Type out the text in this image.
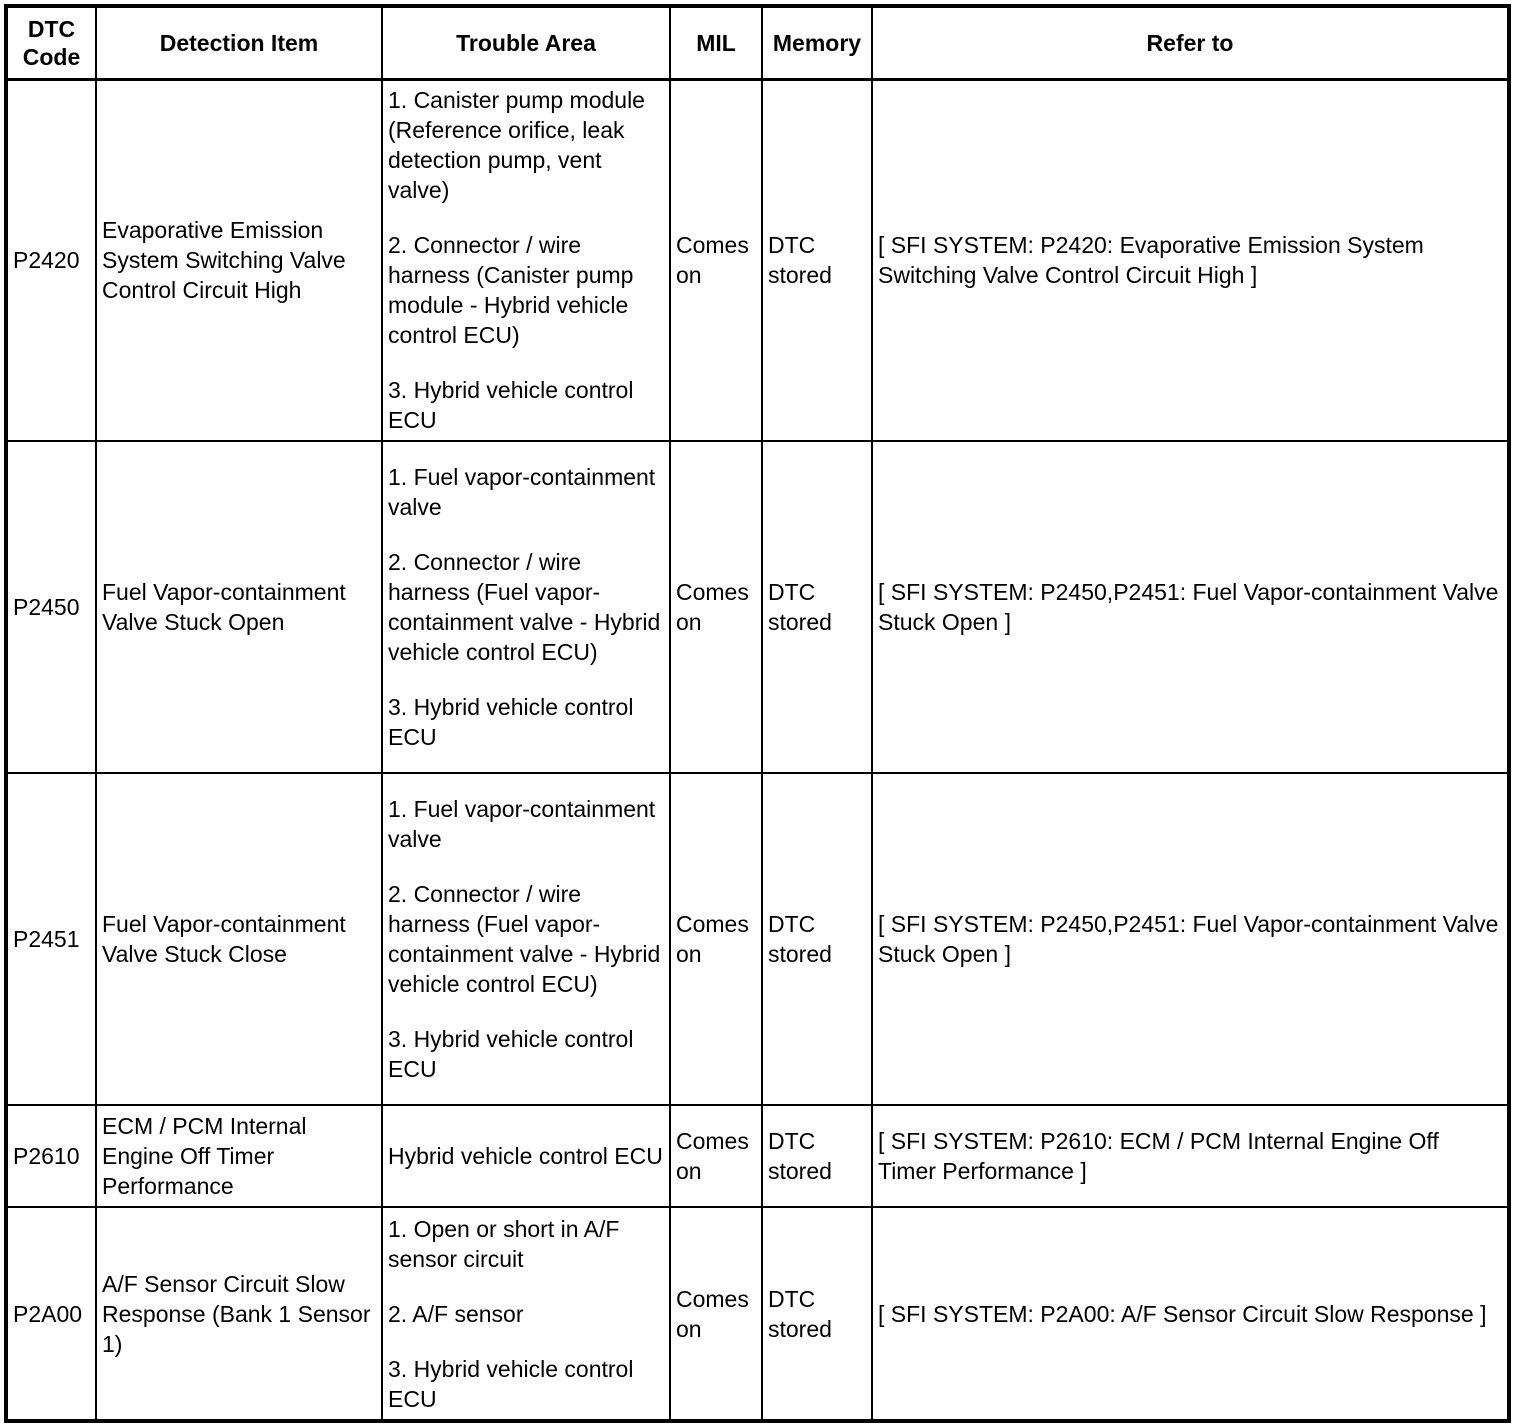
DTC
Code	Detection Item	Trouble Area	MIL	Memory	Refer to
P2420	Evaporative Emission System Switching Valve Control Circuit High	1. Canister pump module (Reference orifice, leak detection pump, vent valve)

2. Connector / wire harness (Canister pump module - Hybrid vehicle control ECU)

3. Hybrid vehicle control ECU	Comes on	DTC stored	[ SFI SYSTEM: P2420: Evaporative Emission System Switching Valve Control Circuit High ]
P2450	Fuel Vapor-containment Valve Stuck Open	1. Fuel vapor-containment valve

2. Connector / wire harness (Fuel vapor-containment valve - Hybrid vehicle control ECU)

3. Hybrid vehicle control ECU	Comes on	DTC stored	[ SFI SYSTEM: P2450,P2451: Fuel Vapor-containment Valve Stuck Open ]
P2451	Fuel Vapor-containment Valve Stuck Close	1. Fuel vapor-containment valve

2. Connector / wire harness (Fuel vapor-containment valve - Hybrid vehicle control ECU)

3. Hybrid vehicle control ECU	Comes on	DTC stored	[ SFI SYSTEM: P2450,P2451: Fuel Vapor-containment Valve Stuck Open ]
P2610	ECM / PCM Internal Engine Off Timer Performance	Hybrid vehicle control ECU	Comes on	DTC stored	[ SFI SYSTEM: P2610: ECM / PCM Internal Engine Off Timer Performance ]
P2A00	A/F Sensor Circuit Slow Response (Bank 1 Sensor 1)	1. Open or short in A/F sensor circuit

2. A/F sensor

3. Hybrid vehicle control ECU	Comes on	DTC stored	[ SFI SYSTEM: P2A00: A/F Sensor Circuit Slow Response ]
